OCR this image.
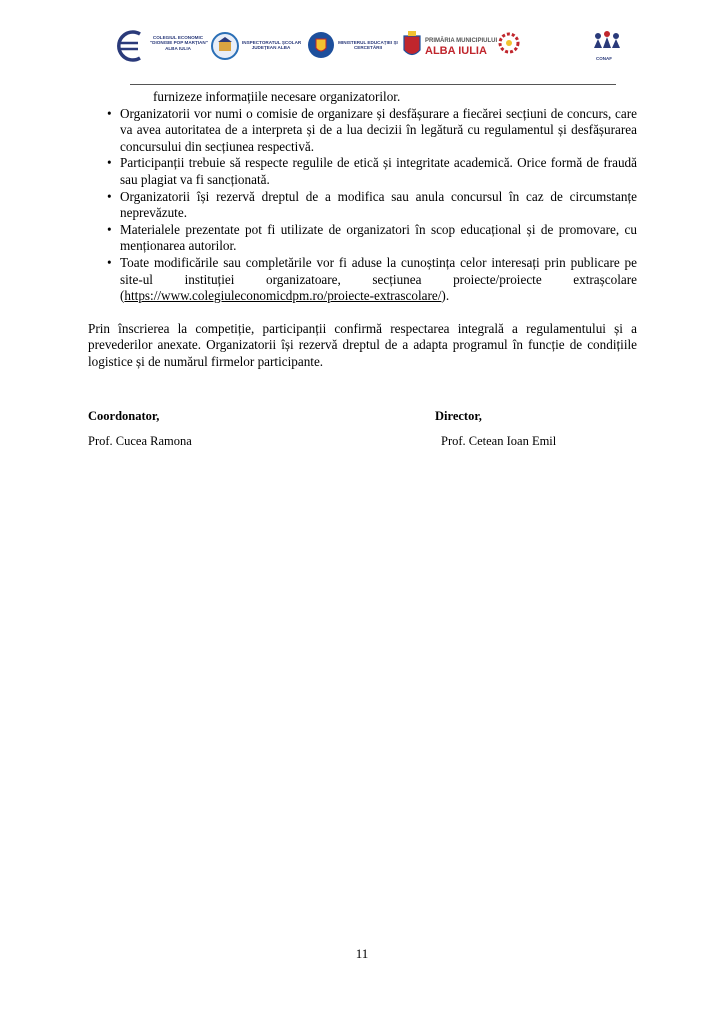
COLEGIUL ECONOMIC
"DIONISIE POP MARȚIAN"
ALBA IULIA
INSPECTORATUL ȘCOLAR
JUDEȚEAN ALBA
MINISTERUL EDUCAȚIEI ȘI
CERCETĂRII
PRIMĂRIA MUNICIPIULUI
ALBA IULIA
CONAF
furnizeze informațiile necesare organizatorilor.
• Organizatorii vor numi o comisie de organizare și desfășurare a fiecărei secțiuni de concurs, care va avea autoritatea de a interpreta și de a lua decizii în legătură cu regulamentul și desfășurarea concursului din secțiunea respectivă.
• Participanții trebuie să respecte regulile de etică și integritate academică. Orice formă de fraudă sau plagiat va fi sancționată.
• Organizatorii își rezervă dreptul de a modifica sau anula concursul în caz de circumstanțe neprevăzute.
• Materialele prezentate pot fi utilizate de organizatori în scop educațional și de promovare, cu menționarea autorilor.
• Toate modificările sau completările vor fi aduse la cunoștința celor interesați prin publicare pe site-ul instituției organizatoare, secțiunea proiecte/proiecte extrașcolare (https://www.colegiuleconomicdpm.ro/proiecte-extrascolare/).

Prin înscrierea la competiție, participanții confirmă respectarea integrală a regulamentului și a prevederilor anexate. Organizatorii își rezervă dreptul de a adapta programul în funcție de condițiile logistice și de numărul firmelor participante.

Coordonator,
Prof. Cucea Ramona
Director,
Prof. Cetean Ioan Emil
11
